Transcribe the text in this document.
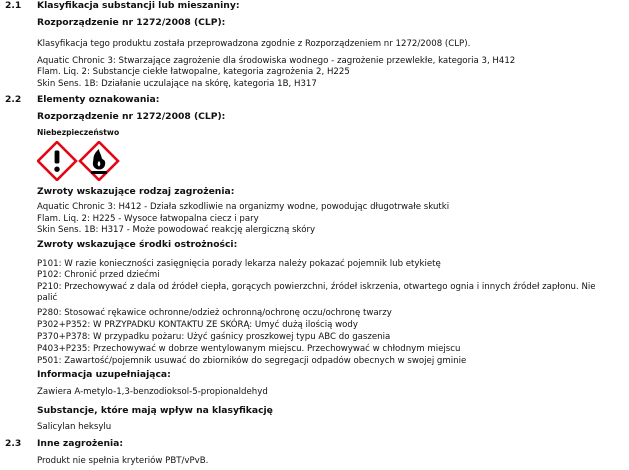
2.1 Klasyfikacja substancji lub mieszaniny:
Rozporządzenie nr 1272/2008 (CLP):
Klasyfikacja tego produktu została przeprowadzona zgodnie z Rozporządzeniem nr 1272/2008 (CLP).
Aquatic Chronic 3: Stwarzające zagrożenie dla środowiska wodnego - zagrożenie przewlekłe, kategoria 3, H412
Flam. Liq. 2: Substancje ciekłe łatwopalne, kategoria zagrożenia 2, H225
Skin Sens. 1B: Działanie uczulające na skórę, kategoria 1B, H317
2.2 Elementy oznakowania:
Rozporządzenie nr 1272/2008 (CLP):
Niebezpieczeństwo
Zwroty wskazujące rodzaj zagrożenia:
Aquatic Chronic 3: H412 - Działa szkodliwie na organizmy wodne, powodując długotrwałe skutki
Flam. Liq. 2: H225 - Wysoce łatwopalna ciecz i pary
Skin Sens. 1B: H317 - Może powodować reakcję alergiczną skóry
Zwroty wskazujące środki ostrożności:
P101: W razie konieczności zasięgnięcia porady lekarza należy pokazać pojemnik lub etykietę
P102: Chronić przed dziećmi
P210: Przechowywać z dala od źródeł ciepła, gorących powierzchni, źródeł iskrzenia, otwartego ognia i innych źródeł zapłonu. Nie
palić
P280: Stosować rękawice ochronne/odzież ochronną/ochronę oczu/ochronę twarzy
P302+P352: W PRZYPADKU KONTAKTU ZE SKÓRĄ: Umyć dużą ilością wody
P370+P378: W przypadku pożaru: Użyć gaśnicy proszkowej typu ABC do gaszenia
P403+P235: Przechowywać w dobrze wentylowanym miejscu. Przechowywać w chłodnym miejscu
P501: Zawartość/pojemnik usuwać do zbiorników do segregacji odpadów obecnych w swojej gminie
Informacja uzupełniająca:
Zawiera A-metylo-1,3-benzodioksol-5-propionaldehyd
Substancje, które mają wpływ na klasyfikację
Salicylan heksylu
2.3 Inne zagrożenia:
Produkt nie spełnia kryteriów PBT/vPvB.
